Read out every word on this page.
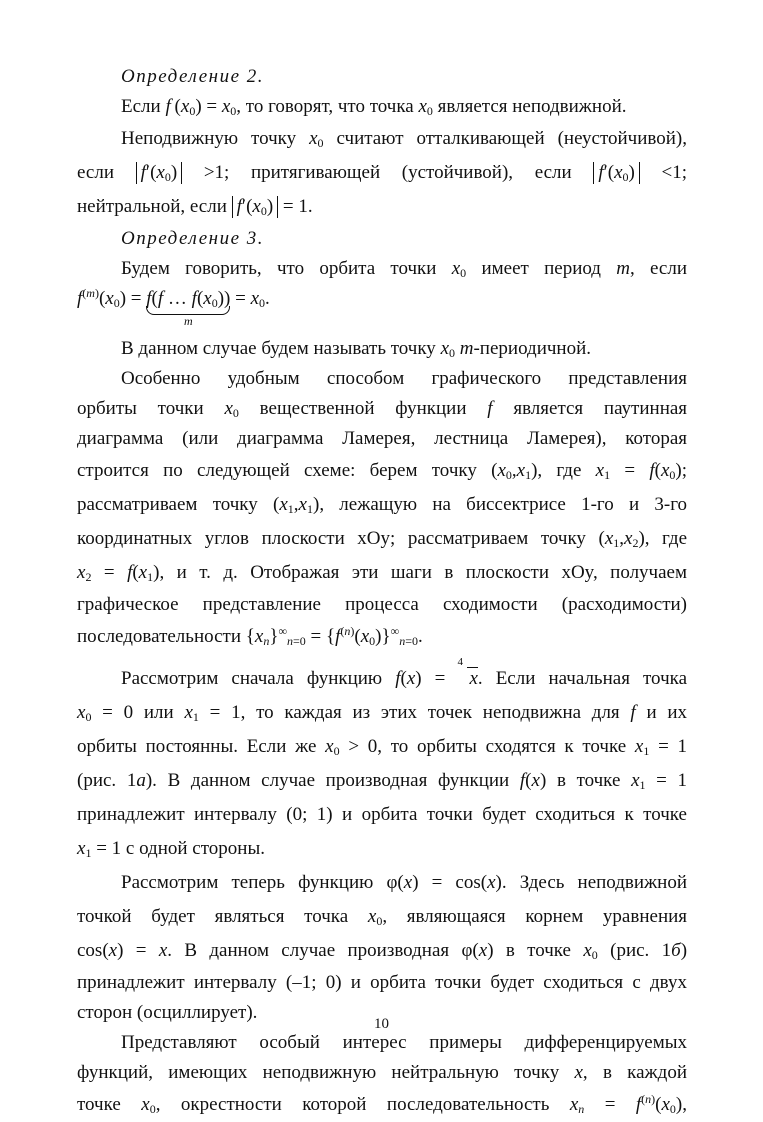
Определение 2.
Если f $(x_0) = x_0$, то говорят, что точка $x_0$ является неподвижной.
Неподвижную точку $x_0$ считают отталкивающей (неустойчивой),
если $f'(x_0) >1$; притягивающей (устойчивой), если $f'(x_0) <1$;
нейтральной, если $f'(x_0) = 1$.
Определение 3.
Будем говорить, что орбита точки $x_0$ имеет период m, если
$f^{(m)}(x_0) = f(f$ … $f(x_0)$)
m
= $x_0$.
В данном случае будем называть точку $x_0$ m-периодичной.
Особенно удобным способом графического представления
орбиты точки $x_0$ вещественной функции f является паутинная
диаграмма (или диаграмма Ламерея, лестница Ламерея), которая
строится по следующей схеме: берем точку $(x_0,x_1)$, где $x_1 = f(x_0)$;
рассматриваем точку $(x_1,x_1)$, лежащую на биссектрисе 1-го и 3-го
координатных углов плоскости xOy; рассматриваем точку $(x_1,x_2)$, где
$x_2 = f(x_1)$, и т. д. Отображая эти шаги в плоскости xOy, получаем
графическое представление процесса сходимости (расходимости)
последовательности $\{x_n\}^\infty_{n=0} = \{f^{(n)}(x_0)\}^\infty_{n=0}$.
Рассмотрим сначала функцию f(x) =
4
x. Если начальная точка
$x_0 = 0$ или $x_1 = 1$, то каждая из этих точек неподвижна для f и их
орбиты постоянны. Если же $x_0 > 0$, то орбиты сходятся к точке $x_1 = 1$
(рис. 1a). В данном случае производная функции f(x) в точке $x_1 = 1$
принадлежит интервалу (0; 1) и орбита точки будет сходиться к точке
$x_1 = 1$ с одной стороны.
Рассмотрим теперь функцию φ(x) = cos(x). Здесь неподвижной
точкой будет являться точка $x_0$, являющаяся корнем уравнения
cos(x) = x. В данном случае производная φ(x) в точке $x_0$ (рис. 1б)
принадлежит интервалу (–1; 0) и орбита точки будет сходиться с двух
сторон (осциллирует).
Представляют особый интерес примеры дифференцируемых
функций, имеющих неподвижную нейтральную точку x, в каждой
точке $x_0$, окрестности которой последовательность $x_n = f^{(n)}(x_0)$,
10
